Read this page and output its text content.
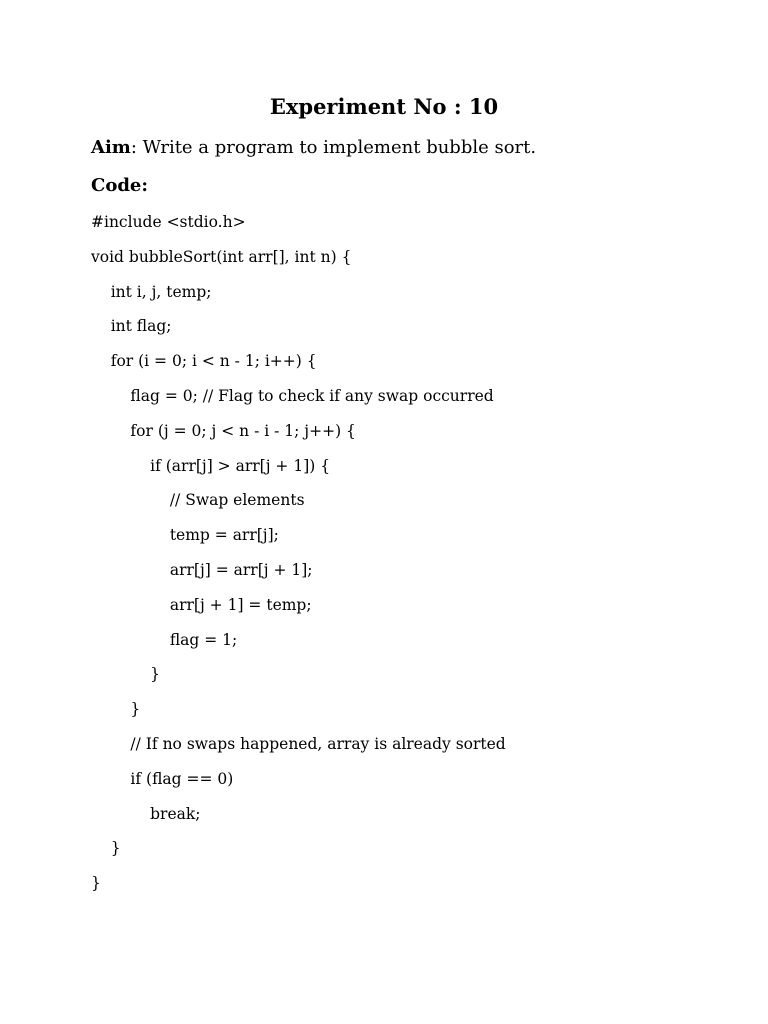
Experiment No : 10
Aim: Write a program to implement bubble sort.
Code:
#include <stdio.h>
void bubbleSort(int arr[], int n) {
int i, j, temp;
int flag;
for (i = 0; i < n - 1; i++) {
flag = 0; // Flag to check if any swap occurred
for (j = 0; j < n - i - 1; j++) {
if (arr[j] > arr[j + 1]) {
// Swap elements
temp = arr[j];
arr[j] = arr[j + 1];
arr[j + 1] = temp;
flag = 1;
}
}
// If no swaps happened, array is already sorted
if (flag == 0)
break;
}
}
